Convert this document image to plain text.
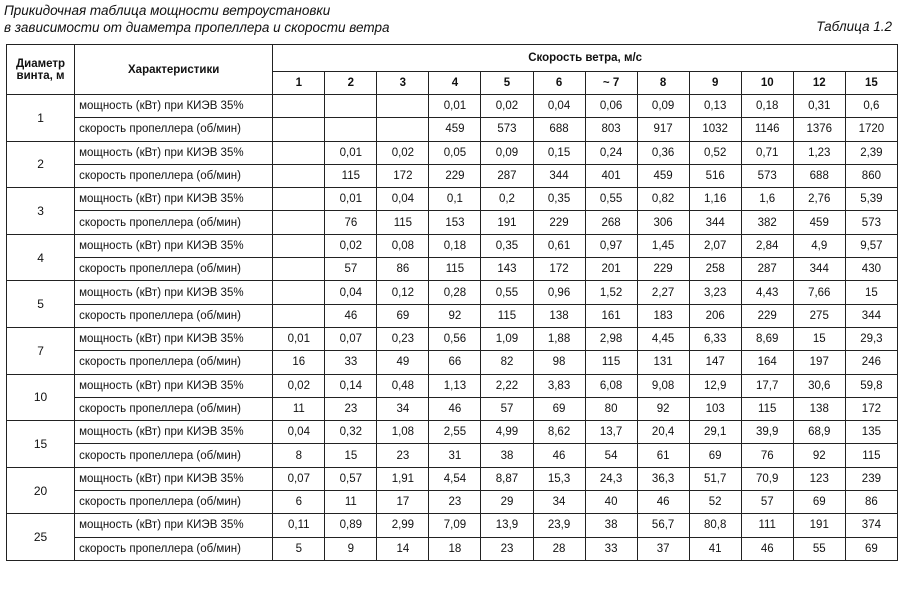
Прикидочная таблица мощности ветроустановки
в зависимости от диаметра пропеллера и скорости ветра	Таблица 1.2
Диаметр винта, м	Характеристики	Скорость ветра, м/с											
		1	2	3	4	5	6	~ 7	8	9	10	12	15
1	мощность (кВт) при КИЭВ 35%				0,01	0,02	0,04	0,06	0,09	0,13	0,18	0,31	0,6
	скорость пропеллера (об/мин)				459	573	688	803	917	1032	1146	1376	1720
2	мощность (кВт) при КИЭВ 35%		0,01	0,02	0,05	0,09	0,15	0,24	0,36	0,52	0,71	1,23	2,39
	скорость пропеллера (об/мин)		115	172	229	287	344	401	459	516	573	688	860
3	мощность (кВт) при КИЭВ 35%		0,01	0,04	0,1	0,2	0,35	0,55	0,82	1,16	1,6	2,76	5,39
	скорость пропеллера (об/мин)		76	115	153	191	229	268	306	344	382	459	573
4	мощность (кВт) при КИЭВ 35%		0,02	0,08	0,18	0,35	0,61	0,97	1,45	2,07	2,84	4,9	9,57
	скорость пропеллера (об/мин)		57	86	115	143	172	201	229	258	287	344	430
5	мощность (кВт) при КИЭВ 35%		0,04	0,12	0,28	0,55	0,96	1,52	2,27	3,23	4,43	7,66	15
	скорость пропеллера (об/мин)		46	69	92	115	138	161	183	206	229	275	344
7	мощность (кВт) при КИЭВ 35%	0,01	0,07	0,23	0,56	1,09	1,88	2,98	4,45	6,33	8,69	15	29,3
	скорость пропеллера (об/мин)	16	33	49	66	82	98	115	131	147	164	197	246
10	мощность (кВт) при КИЭВ 35%	0,02	0,14	0,48	1,13	2,22	3,83	6,08	9,08	12,9	17,7	30,6	59,8
	скорость пропеллера (об/мин)	11	23	34	46	57	69	80	92	103	115	138	172
15	мощность (кВт) при КИЭВ 35%	0,04	0,32	1,08	2,55	4,99	8,62	13,7	20,4	29,1	39,9	68,9	135
	скорость пропеллера (об/мин)	8	15	23	31	38	46	54	61	69	76	92	115
20	мощность (кВт) при КИЭВ 35%	0,07	0,57	1,91	4,54	8,87	15,3	24,3	36,3	51,7	70,9	123	239
	скорость пропеллера (об/мин)	6	11	17	23	29	34	40	46	52	57	69	86
25	мощность (кВт) при КИЭВ 35%	0,11	0,89	2,99	7,09	13,9	23,9	38	56,7	80,8	111	191	374
	скорость пропеллера (об/мин)	5	9	14	18	23	28	33	37	41	46	55	69
